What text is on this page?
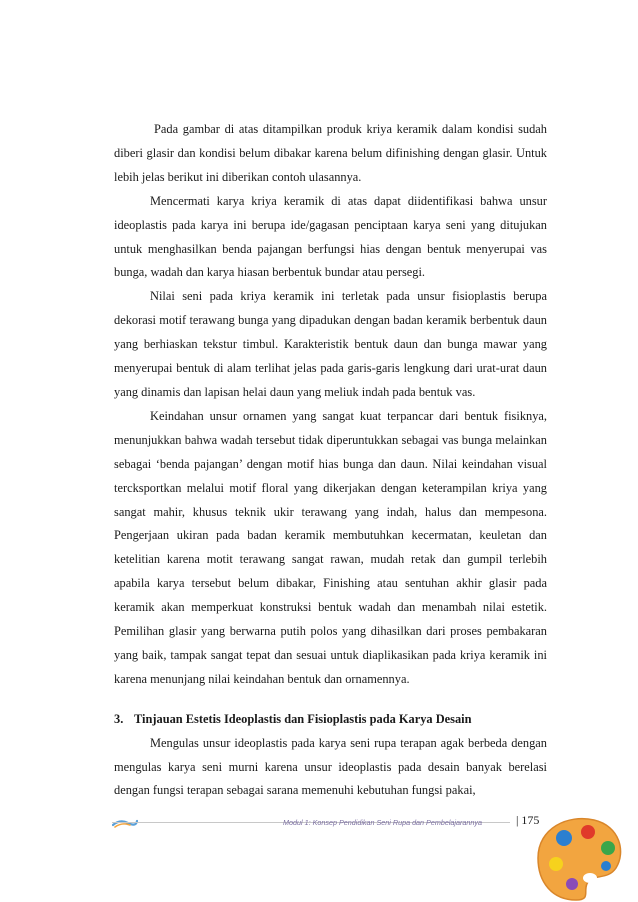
Pada gambar di atas ditampilkan produk kriya keramik dalam kondisi sudah diberi glasir dan kondisi belum dibakar karena belum difinishing dengan glasir. Untuk lebih jelas berikut ini diberikan contoh ulasannya.

Mencermati karya kriya keramik di atas dapat diidentifikasi bahwa unsur ideoplastis pada karya ini berupa ide/gagasan penciptaan karya seni yang ditujukan untuk menghasilkan benda pajangan berfungsi hias dengan bentuk menyerupai vas bunga, wadah dan karya hiasan berbentuk bundar atau persegi.

Nilai seni pada kriya keramik ini terletak pada unsur fisioplastis berupa dekorasi motif terawang bunga yang dipadukan dengan badan keramik berbentuk daun yang berhiaskan tekstur timbul. Karakteristik bentuk daun dan bunga mawar yang menyerupai bentuk di alam terlihat jelas pada garis-garis lengkung dari urat-urat daun yang dinamis dan lapisan helai daun yang meliuk indah pada bentuk vas.

Keindahan unsur ornamen yang sangat kuat terpancar dari bentuk fisiknya, menunjukkan bahwa wadah tersebut tidak diperuntukkan sebagai vas bunga melainkan sebagai ‘benda pajangan’ dengan motif hias bunga dan daun. Nilai keindahan visual tercksportkan melalui motif floral yang dikerjakan dengan keterampilan kriya yang sangat mahir, khusus teknik ukir terawang yang indah, halus dan mempesona. Pengerjaan ukiran pada badan keramik membutuhkan kecermatan, keuletan dan ketelitian karena motit terawang sangat rawan, mudah retak dan gumpil terlebih apabila karya tersebut belum dibakar, Finishing atau sentuhan akhir glasir pada keramik akan memperkuat konstruksi bentuk wadah dan menambah nilai estetik. Pemilihan glasir yang berwarna putih polos yang dihasilkan dari proses pembakaran yang baik, tampak sangat tepat dan sesuai untuk diaplikasikan pada kriya keramik ini karena menunjang nilai keindahan bentuk dan ornamennya.

3. Tinjauan Estetis Ideoplastis dan Fisioplastis pada Karya Desain

Mengulas unsur ideoplastis pada karya seni rupa terapan agak berbeda dengan mengulas karya seni murni karena unsur ideoplastis pada desain banyak berelasi dengan fungsi terapan sebagai sarana memenuhi kebutuhan fungsi pakai,

Modul 1: Konsep Pendidikan Seni Rupa dan Pembelajarannya	| 175
